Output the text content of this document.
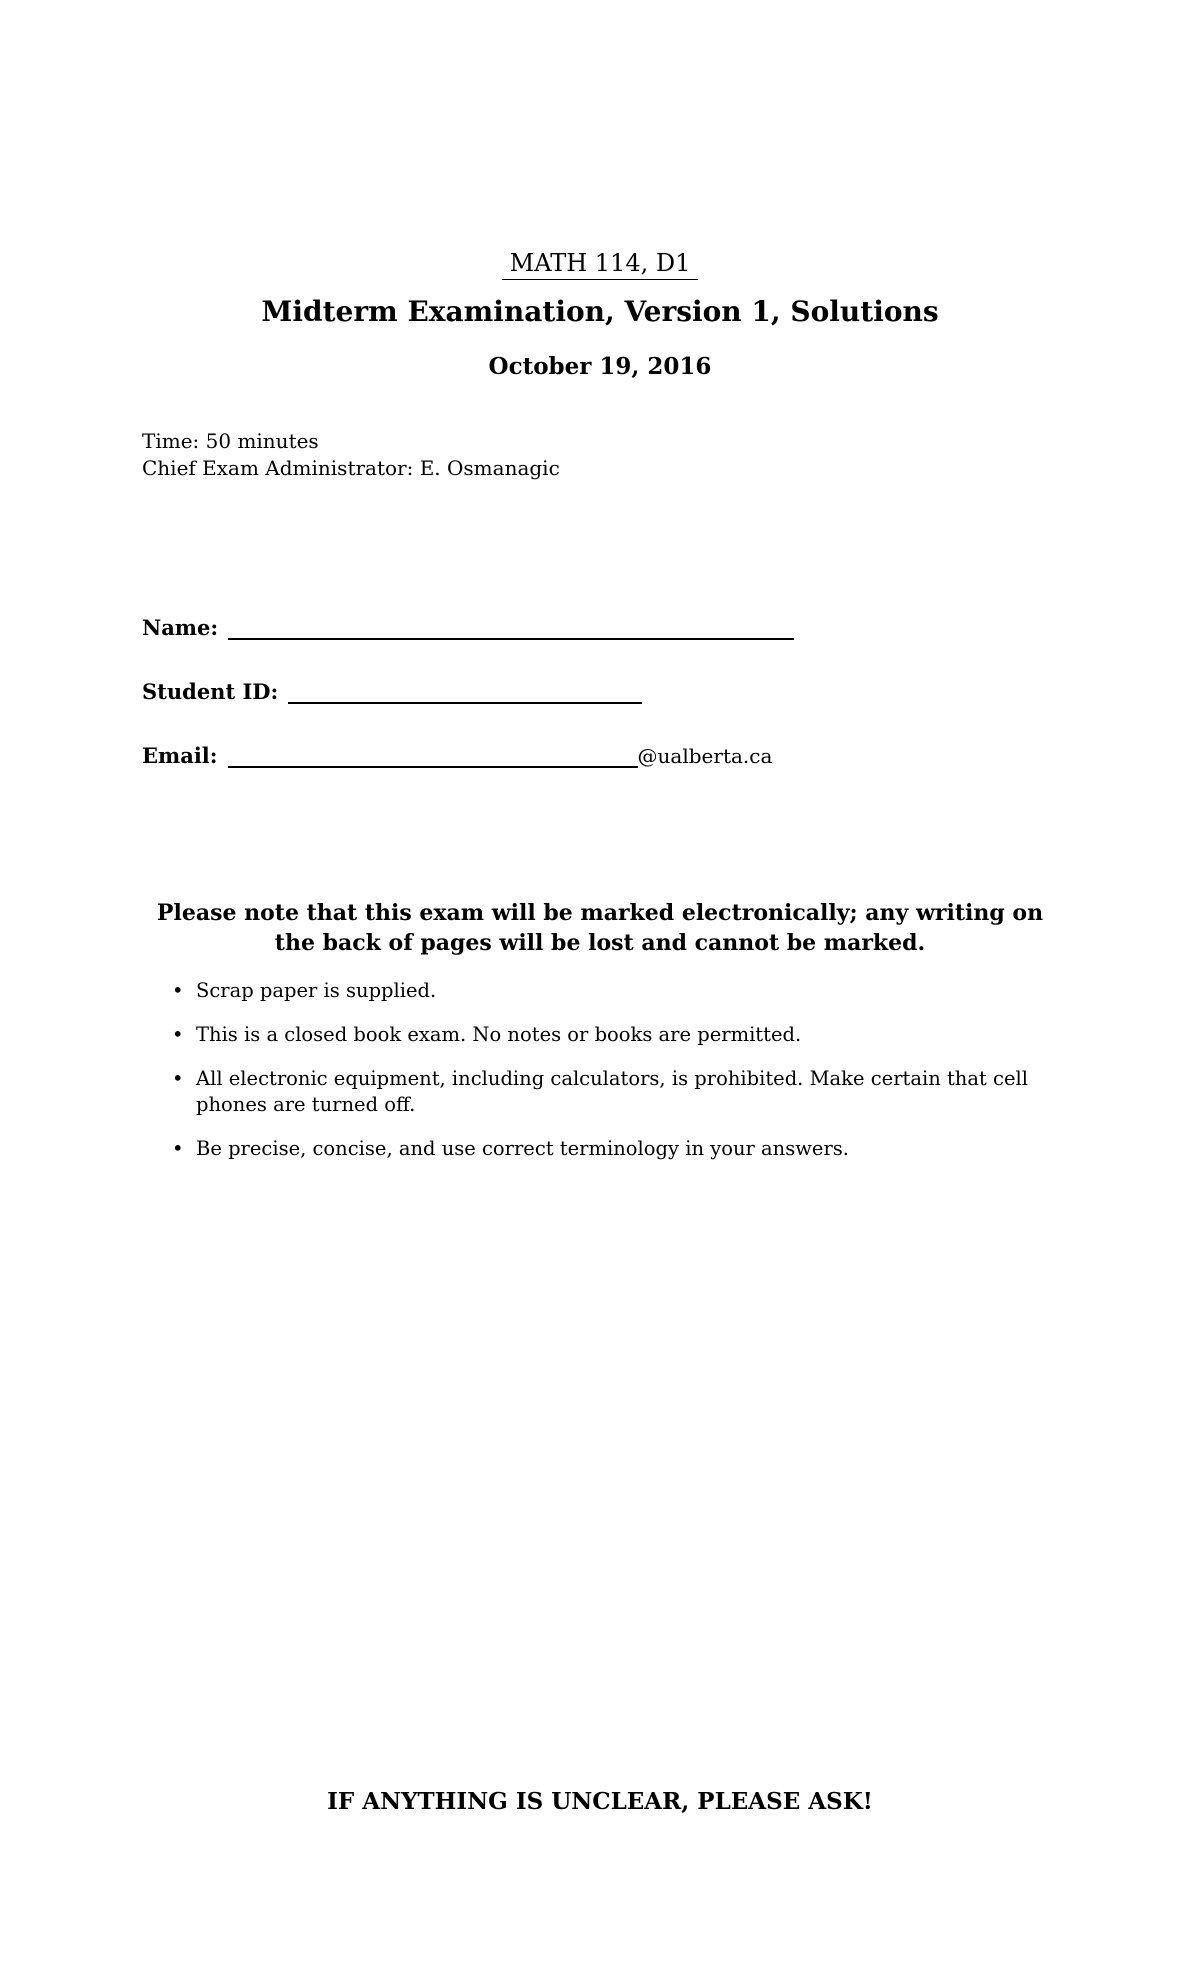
MATH 114, D1
Midterm Examination, Version 1, Solutions
October 19, 2016
Time: 50 minutes
Chief Exam Administrator: E. Osmanagic
Name:
Student ID:
Email:	@ualberta.ca
Please note that this exam will be marked electronically; any writing on the back of pages will be lost and cannot be marked.
• Scrap paper is supplied.
• This is a closed book exam. No notes or books are permitted.
• All electronic equipment, including calculators, is prohibited. Make certain that cell phones are turned off.
• Be precise, concise, and use correct terminology in your answers.
IF ANYTHING IS UNCLEAR, PLEASE ASK!
